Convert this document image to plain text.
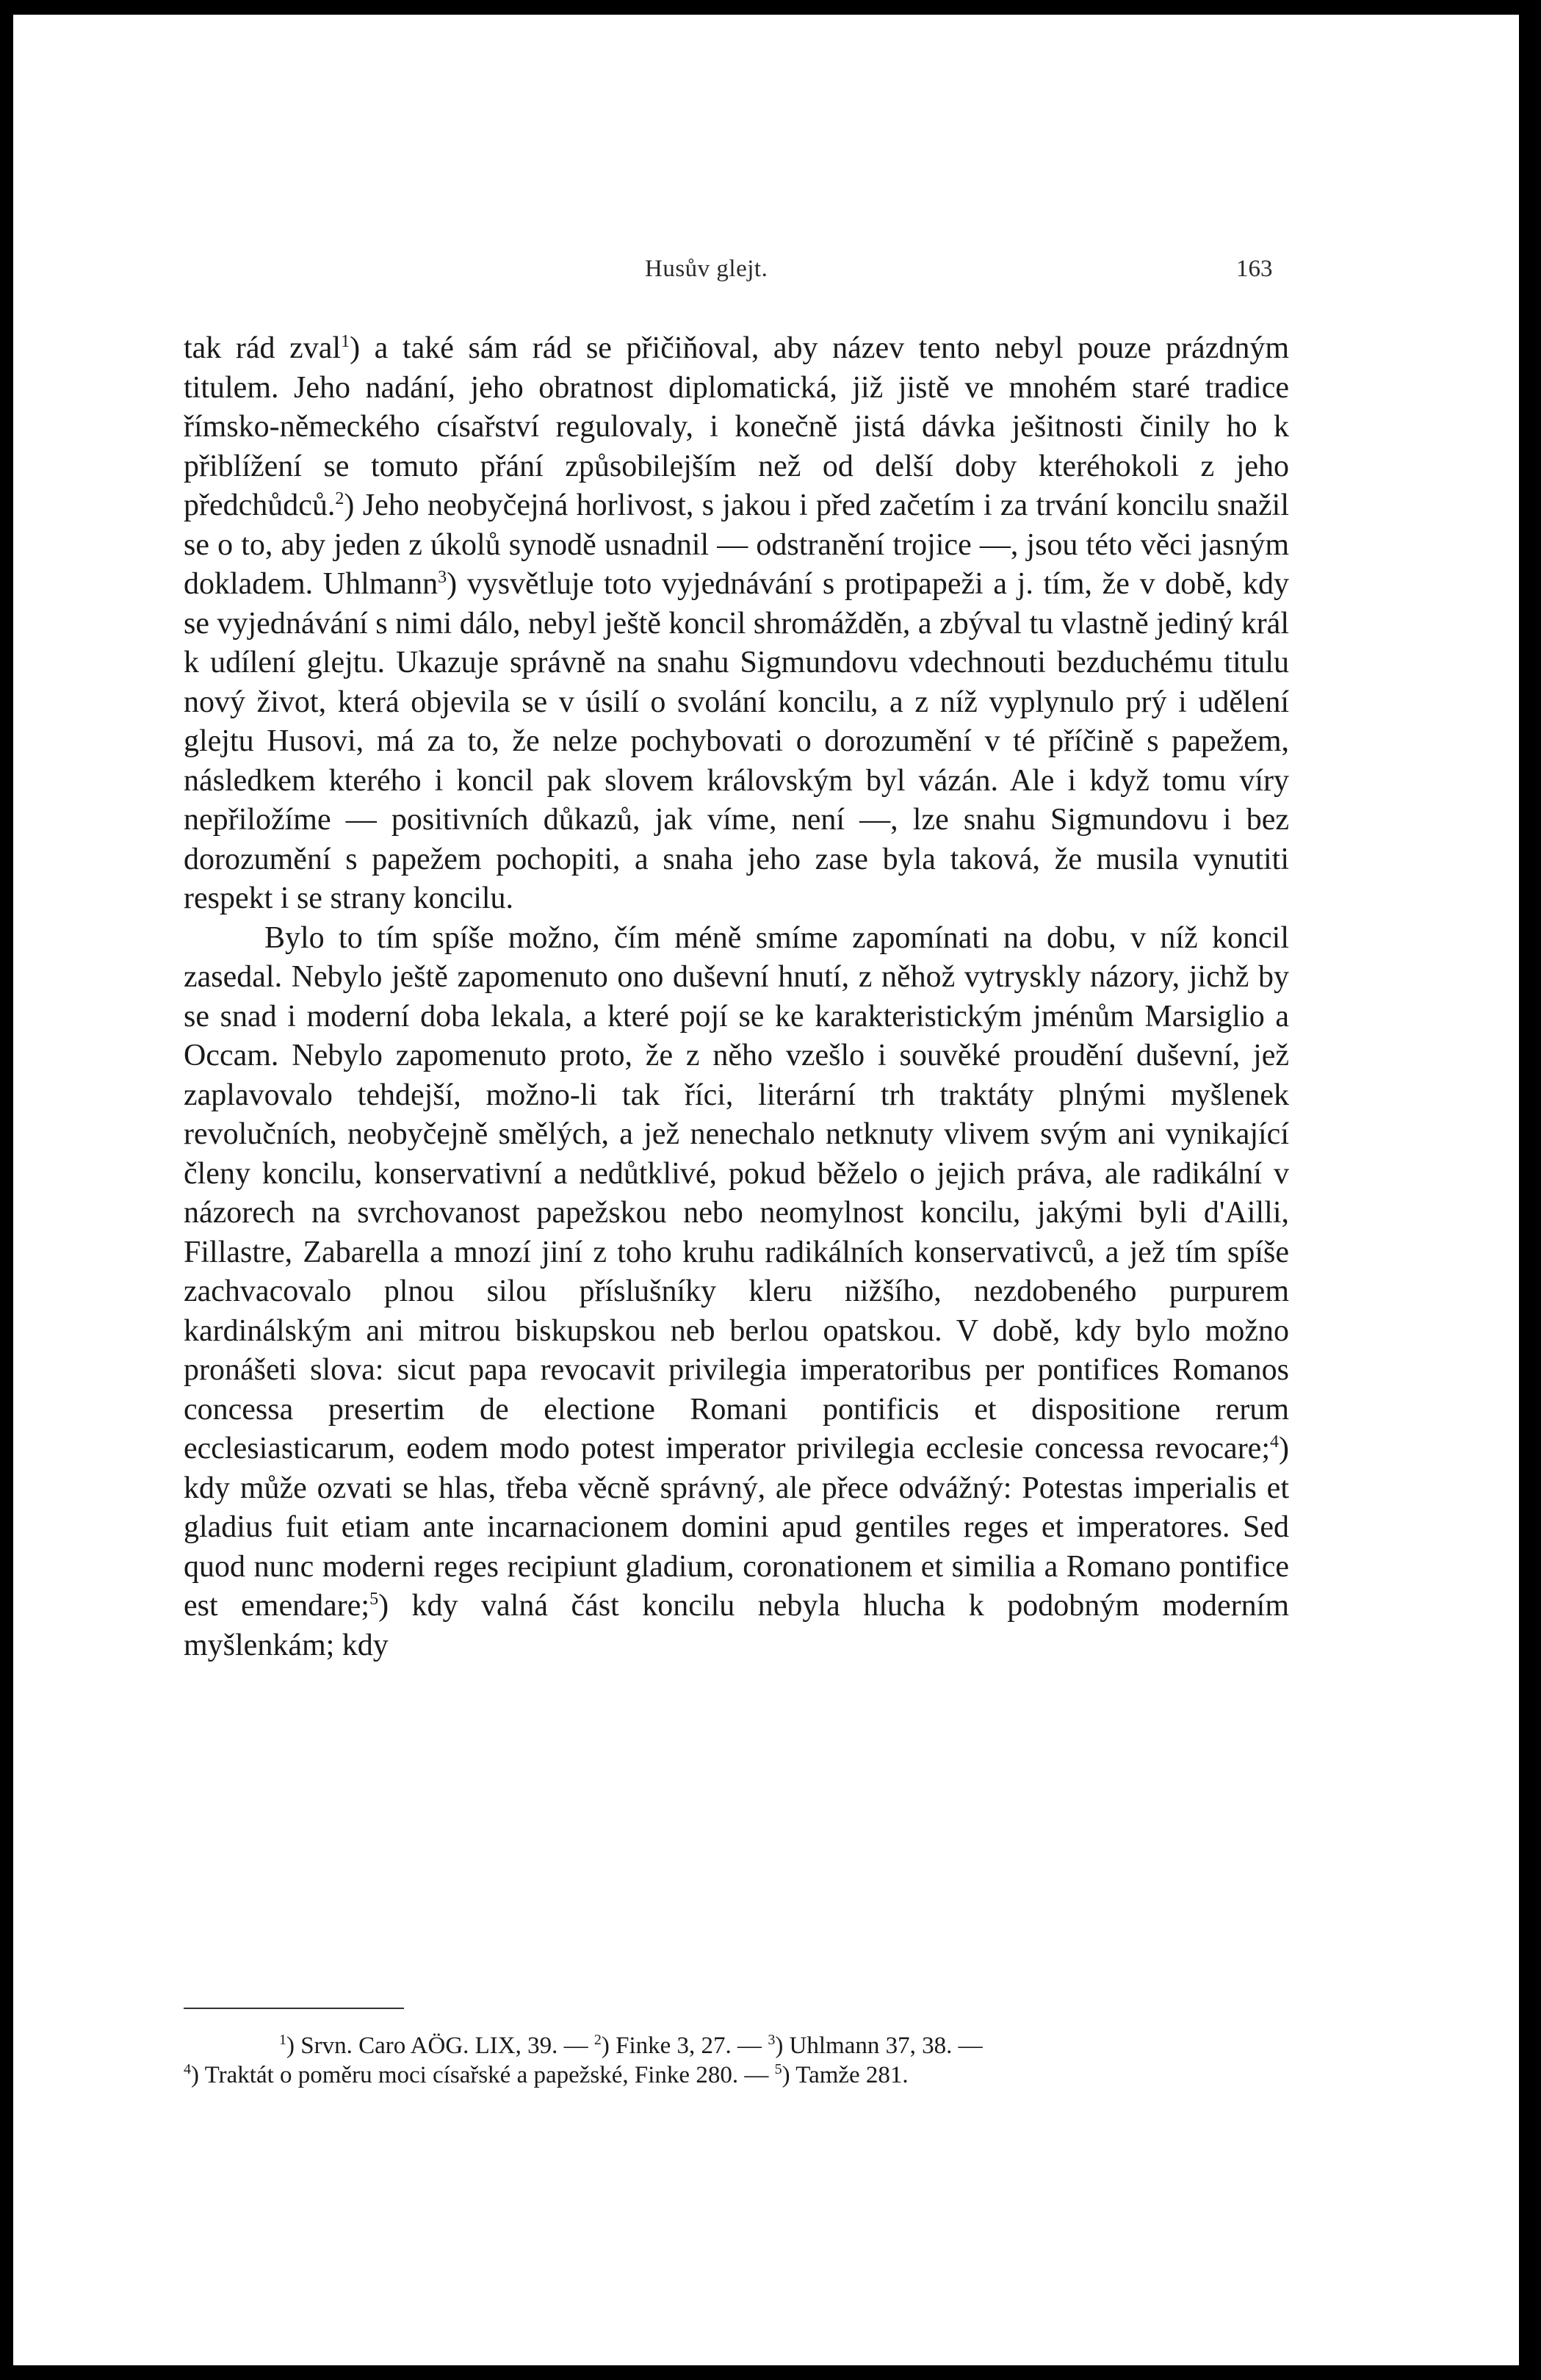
Husův glejt.	163

tak rád zval$^1$) a také sám rád se přičiňoval, aby název tento nebyl pouze prázdným titulem. Jeho nadání, jeho obratnost diplomatická, již jistě ve mnohém staré tradice římsko-německého císařství regulovaly, i konečně jistá dávka ješitnosti činily ho k přiblížení se tomuto přání způsobilejším než od delší doby kteréhokoli z jeho předchůdců.$^2$) Jeho neobyčejná horlivost, s jakou i před začetím i za trvání koncilu snažil se o to, aby jeden z úkolů synodě usnadnil — odstranění trojice —, jsou této věci jasným dokladem. Uhlmann$^3$) vysvětluje toto vyjednávání s protipapeži a j. tím, že v době, kdy se vyjednávání s nimi dálo, nebyl ještě koncil shromážděn, a zbýval tu vlastně jediný král k udílení glejtu. Ukazuje správně na snahu Sigmundovu vdechnouti bezduchému titulu nový život, která objevila se v úsilí o svolání koncilu, a z níž vyplynulo prý i udělení glejtu Husovi, má za to, že nelze pochybovati o dorozumění v té příčině s papežem, následkem kterého i koncil pak slovem královským byl vázán. Ale i když tomu víry nepřiložíme — positivních důkazů, jak víme, není —, lze snahu Sigmundovu i bez dorozumění s papežem pochopiti, a snaha jeho zase byla taková, že musila vynutiti respekt i se strany koncilu.

Bylo to tím spíše možno, čím méně smíme zapomínati na dobu, v níž koncil zasedal. Nebylo ještě zapomenuto ono duševní hnutí, z něhož vytryskly názory, jichž by se snad i moderní doba lekala, a které pojí se ke karakteristickým jménům Marsiglio a Occam. Nebylo zapomenuto proto, že z něho vzešlo i souvěké proudění duševní, jež zaplavovalo tehdejší, možno-li tak říci, literární trh traktáty plnými myšlenek revolučních, neobyčejně smělých, a jež nenechalo netknuty vlivem svým ani vynikající členy koncilu, konservativní a nedůtklivé, pokud běželo o jejich práva, ale radikální v názorech na svrchovanost papežskou nebo neomylnost koncilu, jakými byli d'Ailli, Fillastre, Zabarella a mnozí jiní z toho kruhu radikálních konservativců, a jež tím spíše zachvacovalo plnou silou příslušníky kleru nižšího, nezdobeného purpurem kardinálským ani mitrou biskupskou neb berlou opatskou. V době, kdy bylo možno pronášeti slova: sicut papa revocavit privilegia imperatoribus per pontifices Romanos concessa presertim de electione Romani pontificis et dispositione rerum ecclesiasticarum, eodem modo potest imperator privilegia ecclesie concessa revocare;$^4$) kdy může ozvati se hlas, třeba věcně správný, ale přece odvážný: Potestas imperialis et gladius fuit etiam ante incarnacionem domini apud gentiles reges et imperatores. Sed quod nunc moderni reges recipiunt gladium, coronationem et similia a Romano pontifice est emendare;$^5$) kdy valná část koncilu nebyla hlucha k podobným moderním myšlenkám; kdy

$^1$) Srvn. Caro AÖG. LIX, 39. — $^2$) Finke 3, 27. — $^3$) Uhlmann 37, 38. —
$^4$) Traktát o poměru moci císařské a papežské, Finke 280. — $^5$) Tamže 281.
